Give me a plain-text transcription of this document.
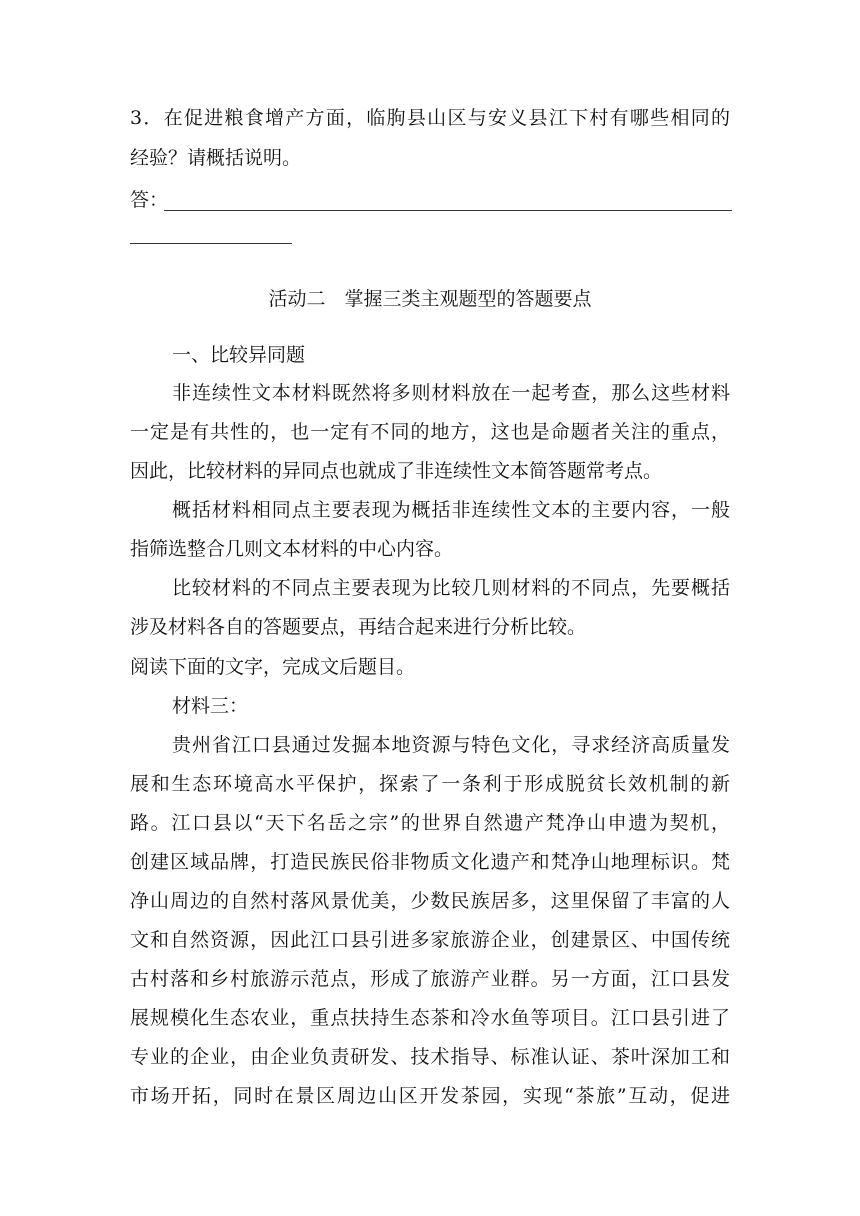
3．在促进粮食增产方面，临朐县山区与安义县江下村有哪些相同的
经验？请概括说明。
答：
活动二　掌握三类主观题型的答题要点
一、比较异同题
非连续性文本材料既然将多则材料放在一起考查，那么这些材料
一定是有共性的，也一定有不同的地方，这也是命题者关注的重点，
因此，比较材料的异同点也就成了非连续性文本简答题常考点。
概括材料相同点主要表现为概括非连续性文本的主要内容，一般
指筛选整合几则文本材料的中心内容。
比较材料的不同点主要表现为比较几则材料的不同点，先要概括
涉及材料各自的答题要点，再结合起来进行分析比较。
阅读下面的文字，完成文后题目。
材料三：
贵州省江口县通过发掘本地资源与特色文化，寻求经济高质量发
展和生态环境高水平保护，探索了一条利于形成脱贫长效机制的新
路。江口县以“天下名岳之宗”的世界自然遗产梵净山申遗为契机，
创建区域品牌，打造民族民俗非物质文化遗产和梵净山地理标识。梵
净山周边的自然村落风景优美，少数民族居多，这里保留了丰富的人
文和自然资源，因此江口县引进多家旅游企业，创建景区、中国传统
古村落和乡村旅游示范点，形成了旅游产业群。另一方面，江口县发
展规模化生态农业，重点扶持生态茶和冷水鱼等项目。江口县引进了
专业的企业，由企业负责研发、技术指导、标准认证、茶叶深加工和
市场开拓，同时在景区周边山区开发茶园，实现“茶旅”互动，促进
